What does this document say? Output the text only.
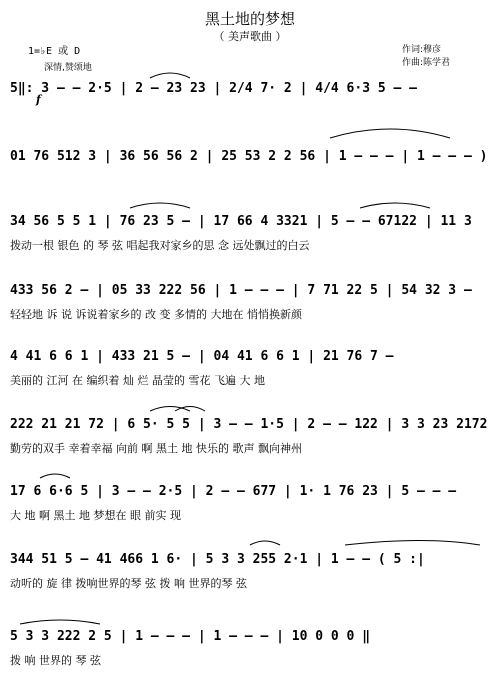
黑土地的梦想
（ 美声歌曲 ）
1=♭E 或 D
深情,赞颂地
作词:穆彦
作曲:陈学君
f
5‖: 3 – – 2·5 | 2 – 23 23 | 2/4 7· 2 | 4/4 6·3 5 – –
01 76 512 3 | 36 56 56 2 | 25 53 2 2 56 | 1 – – – | 1 – – – )
34 56 5 5 1 | 76 23 5 – | 17 66 4 3321 | 5 – – 67122 | 11 3
拨动一根 银色 的 琴 弦 唱起我对家乡的思 念 远处飘过的白云
433 56 2 – | 05 33 222 56 | 1 – – – | 7 71 22 5 | 54 32 3 –
轻轻地 诉 说 诉说着家乡的 改 变 多情的 大地在 悄悄换新颜
4 41 6 6 1 | 433 21 5 – | 04 41 6 6 1 | 21 76 7 –
美丽的 江河 在 编织着 灿 烂 晶莹的 雪花 飞遍 大 地
222 21 21 72 | 6 5· 5 5 | 3 – – 1·5 | 2 – – 122 | 3 3 23 2172
勤劳的双手 幸着幸福 向前 啊 黑土 地 快乐的 歌声 飘向神州
17 6 6·6 5 | 3 – – 2·5 | 2 – – 677 | 1· 1 76 23 | 5 – – –
大 地 啊 黑土 地 梦想在 眼 前实 现
344 51 5 – 41 466 1 6· | 5 3 3 255 2·1 | 1 – – ( 5 :|
动听的 旋 律 拨响世界的琴 弦 拨 响 世界的琴 弦
5 3 3 222 2 5 | 1 – – – | 1 – – – | 10 0 0 0 ‖
拨 响 世界的 琴 弦
